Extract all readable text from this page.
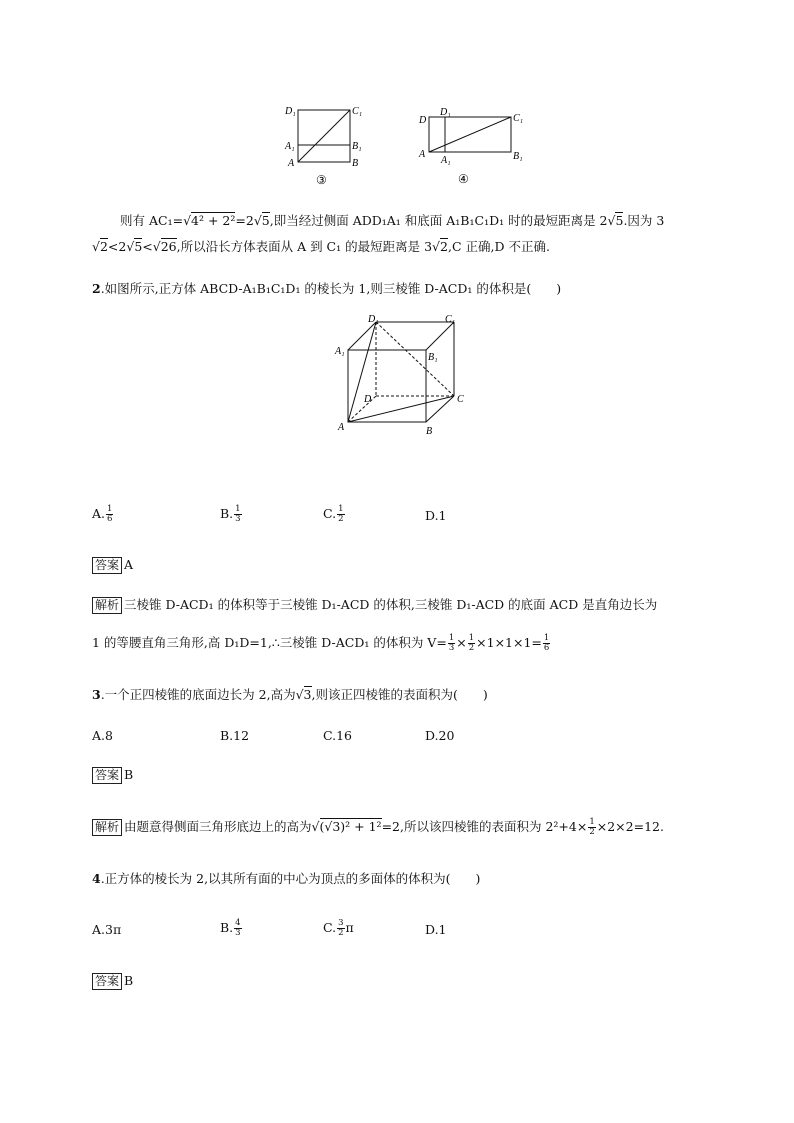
D₁	C₁
A₁	B₁
A	B
③
D₁
D	C₁
A
A₁	B₁
④
则有 AC₁=√4² + 2²=2√5,即当经过侧面 ADD₁A₁ 和底面 A₁B₁C₁D₁ 时的最短距离是 2√5.因为 3
√2<2√5<√26,所以沿长方体表面从 A 到 C₁ 的最短距离是 3√2,C 正确,D 不正确.
2.如图所示,正方体 ABCD-A₁B₁C₁D₁ 的棱长为 1,则三棱锥 D-ACD₁ 的体积是(　　)
D₁	C₁
A₁
B₁
D	C
A	B
A. $\frac{1}{6}$	B. $\frac{1}{3}$	C. $\frac{1}{2}$	D.1
答案 A
解析 三棱锥 D-ACD₁ 的体积等于三棱锥 D₁-ACD 的体积,三棱锥 D₁-ACD 的底面 ACD 是直角边长为
1 的等腰直角三角形,高 D₁D=1,∴三棱锥 D-ACD₁ 的体积为 $V= \frac{1}{3} \times \frac{1}{2} \times 1\times 1\times 1= \frac{1}{6}$
3.一个正四棱锥的底面边长为 2,高为√3,则该正四棱锥的表面积为(　　)
A.8	B.12	C.16	D.20
答案 B
解析 由题意得侧面三角形底边上的高为√(√3)² + 1²=2,所以该四棱锥的表面积为 $2^2+4\times \frac{1}{2} \times 2\times 2=12$.
4.正方体的棱长为 2,以其所有面的中心为顶点的多面体的体积为(　　)
A.3π	B. $\frac{4}{3}$	C. $\frac{3}{2}$ π	D.1
答案 B
